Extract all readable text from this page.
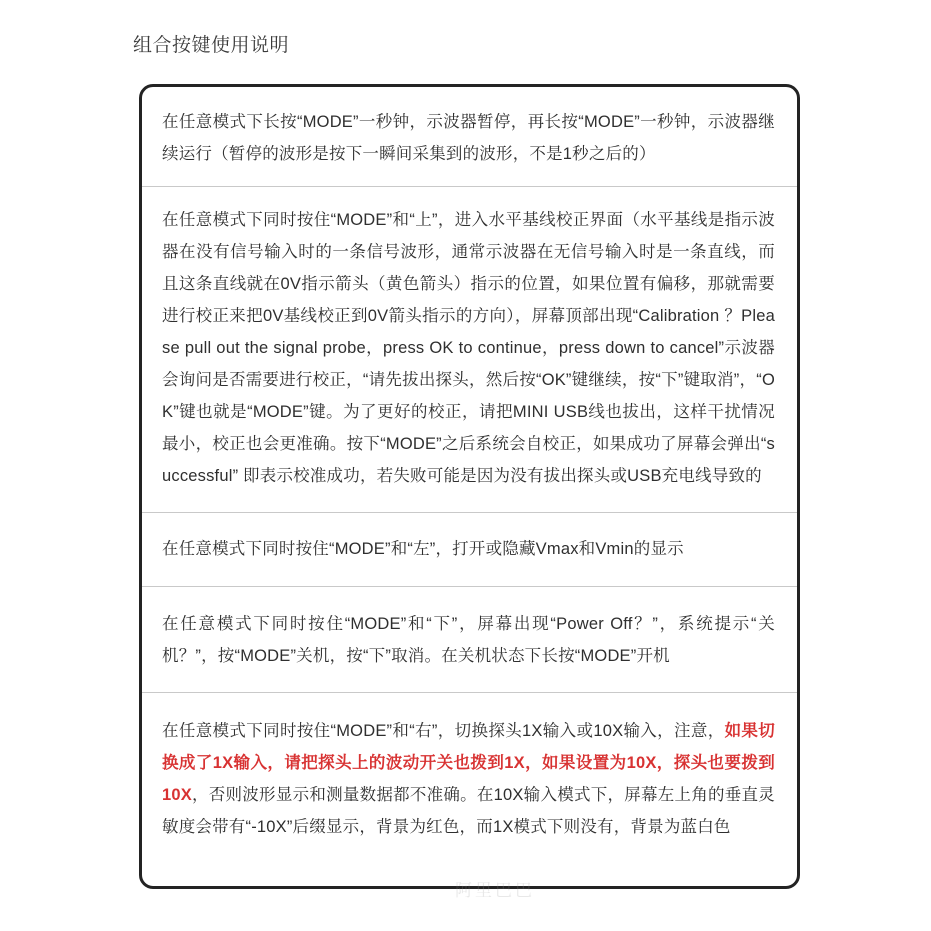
组合按键使用说明
在任意模式下长按“MODE”一秒钟，示波器暂停，再长按“MODE”一秒钟，示波器继续运行（暂停的波形是按下一瞬间采集到的波形，不是1秒之后的）
在任意模式下同时按住“MODE”和“上”，进入水平基线校正界面（水平基线是指示波器在没有信号输入时的一条信号波形，通常示波器在无信号输入时是一条直线，而且这条直线就在0V指示箭头（黄色箭头）指示的位置，如果位置有偏移，那就需要进行校正来把0V基线校正到0V箭头指示的方向），屏幕顶部出现“Calibration ？Please pull out the signal probe，press OK to continue，press down to cancel”示波器会询问是否需要进行校正，“请先拔出探头，然后按“OK”键继续，按“下”键取消”，“OK”键也就是“MODE”键。为了更好的校正，请把MINI USB线也拔出，这样干扰情况最小，校正也会更准确。按下“MODE”之后系统会自校正，如果成功了屏幕会弹出“successful” 即表示校准成功，若失败可能是因为没有拔出探头或USB充电线导致的
在任意模式下同时按住“MODE”和“左”，打开或隐藏Vmax和Vmin的显示
在任意模式下同时按住“MODE”和“下”，屏幕出现“Power Off？”，系统提示“关机？”，按“MODE”关机，按“下”取消。在关机状态下长按“MODE”开机
在任意模式下同时按住“MODE”和“右”，切换探头1X输入或10X输入，注意，如果切换成了1X输入，请把探头上的波动开关也拨到1X，如果设置为10X，探头也要拨到10X，否则波形显示和测量数据都不准确。在10X输入模式下，屏幕左上角的垂直灵敏度会带有“-10X”后缀显示，背景为红色，而1X模式下则没有，背景为蓝白色
阿里巴巴
